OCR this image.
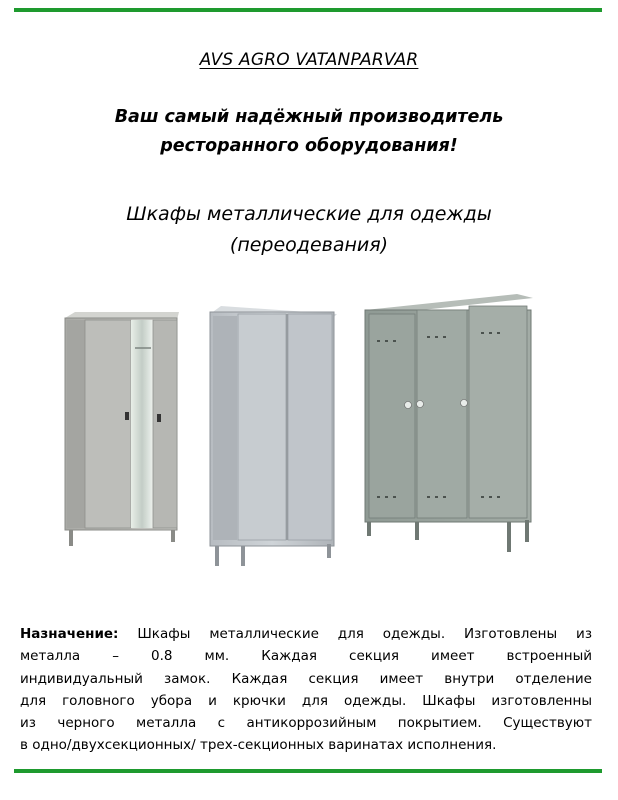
AVS AGRO VATANPARVAR
Ваш самый надёжный производитель
ресторанного оборудования!
Шкафы металлические для одежды
(переодевания)
Назначение: Шкафы металлические для одежды. Изготовлены из
металла – 0.8 мм. Каждая секция имеет встроенный
индивидуальный замок. Каждая секция имеет внутри отделение
для головного убора и крючки для одежды. Шкафы изготовленны
из черного металла с антикоррозийным покрытием. Существуют
в одно/двухсекционных/ трех-секционных варинатах исполнения.
